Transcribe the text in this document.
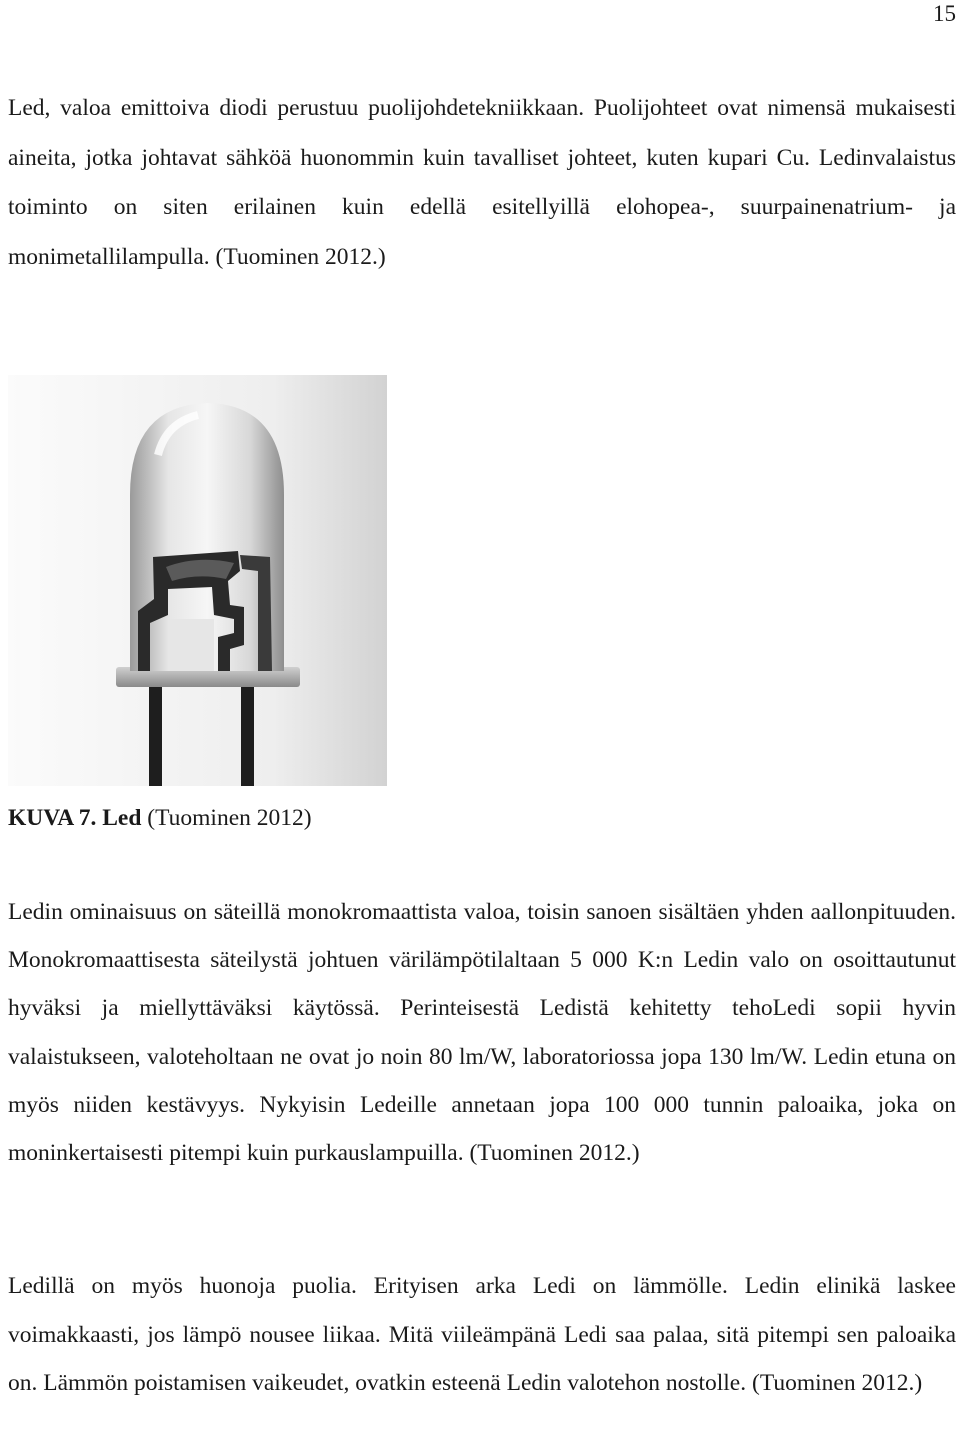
15

Led, valoa emittoiva diodi perustuu puolijohdetekniikkaan. Puolijohteet ovat nimensä mukaisesti aineita, jotka johtavat sähköä huonommin kuin tavalliset johteet, kuten kupari Cu. Ledinvalaistus toiminto on siten erilainen kuin edellä esitellyillä elohopea-, suurpainenatrium- ja monimetallilampulla. (Tuominen 2012.)

KUVA 7. Led (Tuominen 2012)

Ledin ominaisuus on säteillä monokromaattista valoa, toisin sanoen sisältäen yhden aallonpituuden. Monokromaattisesta säteilystä johtuen värilämpötilaltaan 5 000 K:n Ledin valo on osoittautunut hyväksi ja miellyttäväksi käytössä. Perinteisestä Ledistä kehitetty tehoLedi sopii hyvin valaistukseen, valoteholtaan ne ovat jo noin 80 lm/W, laboratoriossa jopa 130 lm/W. Ledin etuna on myös niiden kestävyys. Nykyisin Ledeille annetaan jopa 100 000 tunnin paloaika, joka on moninkertaisesti pitempi kuin purkauslampuilla. (Tuominen 2012.)

Ledillä on myös huonoja puolia. Erityisen arka Ledi on lämmölle. Ledin elinikä laskee voimakkaasti, jos lämpö nousee liikaa. Mitä viileämpänä Ledi saa palaa, sitä pitempi sen paloaika on. Lämmön poistamisen vaikeudet, ovatkin esteenä Ledin valotehon nostolle. (Tuominen 2012.)
